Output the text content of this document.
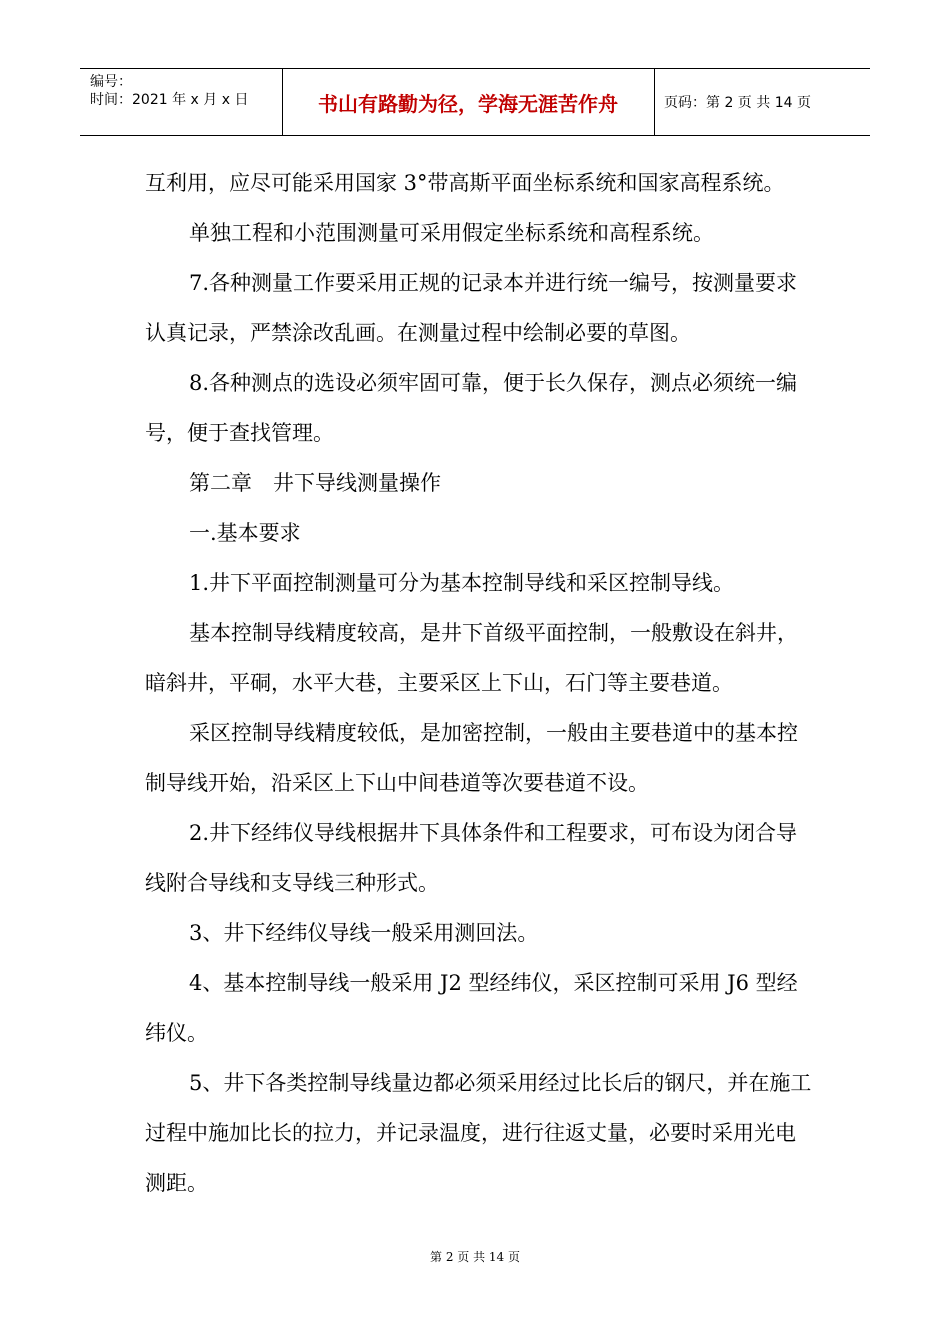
编号：
时间：2021 年 x 月 x 日	书山有路勤为径，学海无涯苦作舟	页码：第 2 页 共 14 页

互利用，应尽可能采用国家 3°带高斯平面坐标系统和国家高程系统。

单独工程和小范围测量可采用假定坐标系统和高程系统。

7.各种测量工作要采用正规的记录本并进行统一编号，按测量要求认真记录，严禁涂改乱画。在测量过程中绘制必要的草图。

8.各种测点的选设必须牢固可靠，便于长久保存，测点必须统一编号，便于查找管理。

第二章　井下导线测量操作

一.基本要求

1.井下平面控制测量可分为基本控制导线和采区控制导线。

基本控制导线精度较高，是井下首级平面控制，一般敷设在斜井，暗斜井，平硐，水平大巷，主要采区上下山，石门等主要巷道。

采区控制导线精度较低，是加密控制，一般由主要巷道中的基本控制导线开始，沿采区上下山中间巷道等次要巷道不设。

2.井下经纬仪导线根据井下具体条件和工程要求，可布设为闭合导线附合导线和支导线三种形式。

3、井下经纬仪导线一般采用测回法。

4、基本控制导线一般采用 J2 型经纬仪，采区控制可采用 J6 型经纬仪。

5、井下各类控制导线量边都必须采用经过比长后的钢尺，并在施工过程中施加比长的拉力，并记录温度，进行往返丈量，必要时采用光电测距。

第 2 页 共 14 页
